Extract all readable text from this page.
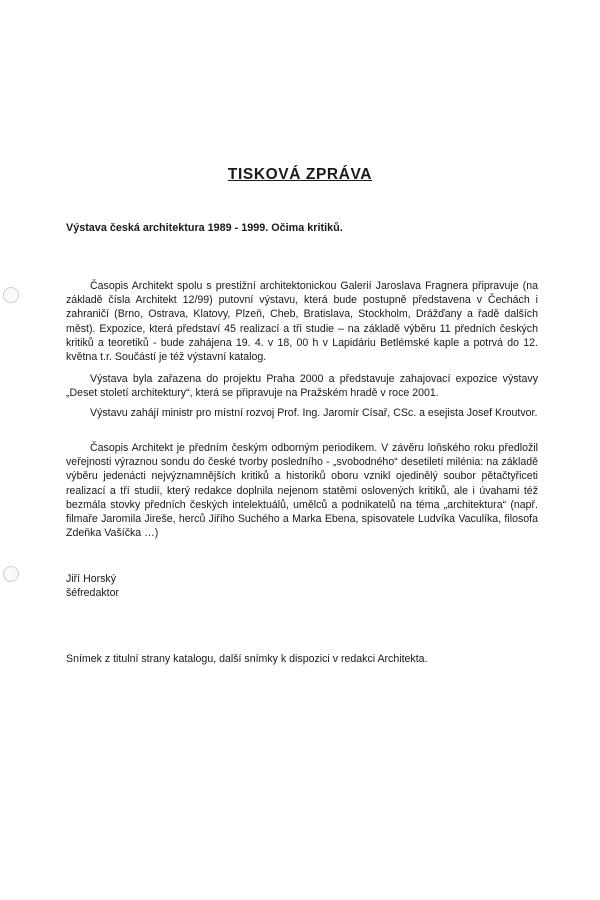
TISKOVÁ ZPRÁVA

Výstava česká architektura 1989 - 1999. Očima kritiků.

Časopis Architekt spolu s prestižní architektonickou Galerií Jaroslava Fragnera připravuje (na základě čísla Architekt 12/99) putovní výstavu, která bude postupně představena v Čechách i zahraničí (Brno, Ostrava, Klatovy, Plzeň, Cheb, Bratislava, Stockholm, Drážďany a řadě dalších měst). Expozice, která představí 45 realizací a tři studie – na základě výběru 11 předních českých kritiků a teoretiků - bude zahájena 19. 4. v 18, 00 h v Lapidáriu Betlémské kaple a potrvá do 12. května t.r. Součástí je též výstavní katalog.

Výstava byla zařazena do projektu Praha 2000 a představuje zahajovací expozice výstavy „Deset století architektury“, která se připravuje na Pražském hradě v roce 2001.

Výstavu zahájí ministr pro místní rozvoj Prof. Ing. Jaromír Císař, CSc. a esejista Josef Kroutvor.

Časopis Architekt je předním českým odborným periodikem. V závěru loňského roku předložil veřejnosti výraznou sondu do české tvorby posledního - „svobodného“ desetiletí milénia: na základě výběru jedenácti nejvýznamnějších kritiků a historiků oboru vznikl ojedinělý soubor pětačtyřiceti realizací a tří studií, který redakce doplnila nejenom statěmi oslovených kritiků, ale i úvahami též bezmála stovky předních českých intelektuálů, umělců a podnikatelů na téma „architektura“ (např. filmaře Jaromila Jireše, herců Jiřího Suchého a Marka Ebena, spisovatele Ludvíka Vaculíka, filosofa Zdeňka Vašíčka …)

Jiří Horský
šéfredaktor

Snímek z titulní strany katalogu, další snímky k dispozici v redakci Architekta.
